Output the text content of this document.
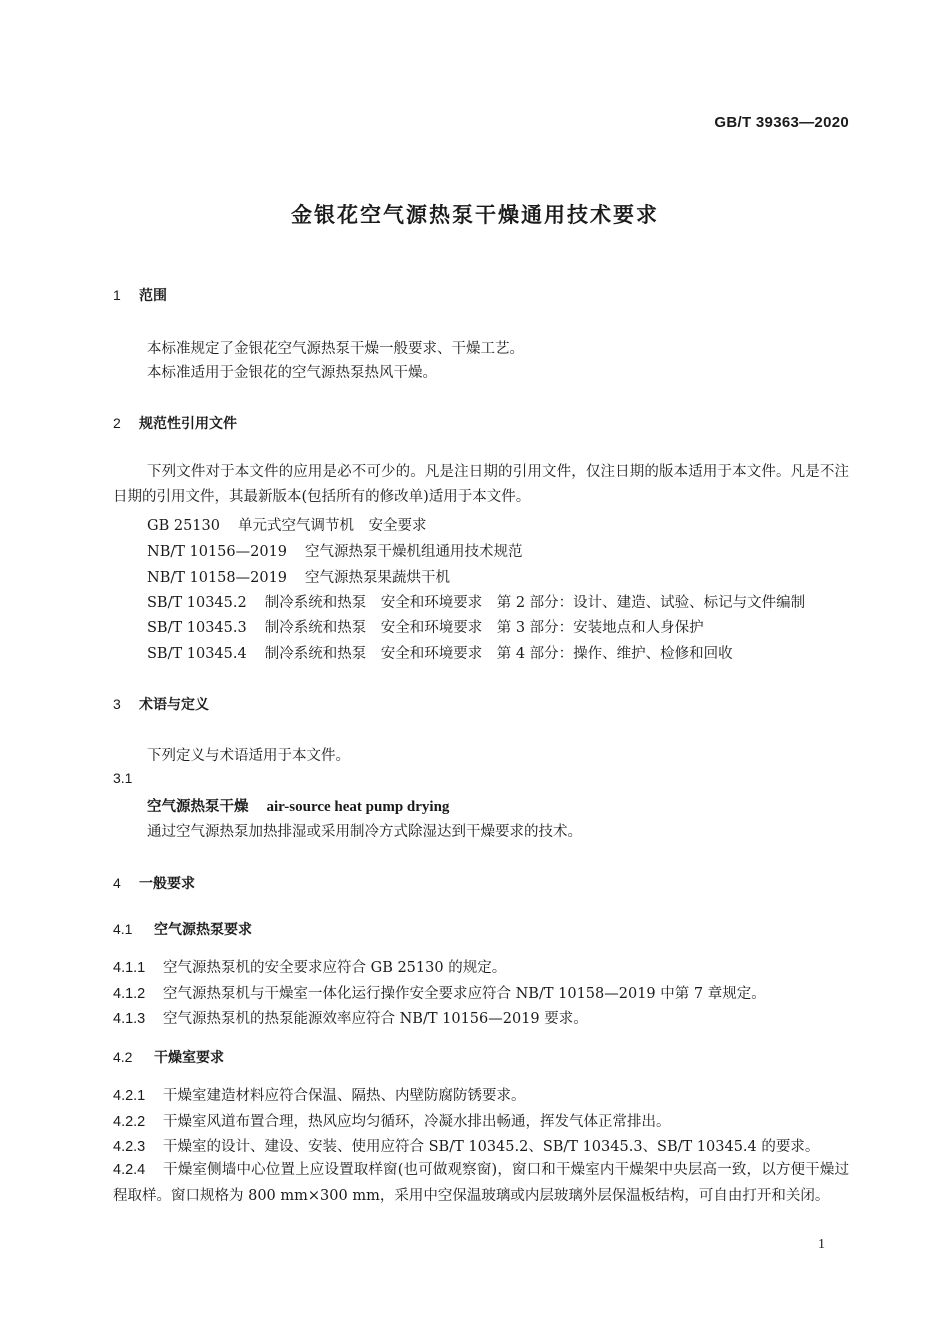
GB/T 39363—2020
金银花空气源热泵干燥通用技术要求
1 范围
本标准规定了金银花空气源热泵干燥一般要求、干燥工艺。
本标准适用于金银花的空气源热泵热风干燥。
2 规范性引用文件
下列文件对于本文件的应用是必不可少的。凡是注日期的引用文件，仅注日期的版本适用于本文件。凡是不注日期的引用文件，其最新版本(包括所有的修改单)适用于本文件。
GB 25130 单元式空气调节机　安全要求
NB/T 10156—2019 空气源热泵干燥机组通用技术规范
NB/T 10158—2019 空气源热泵果蔬烘干机
SB/T 10345.2 制冷系统和热泵　安全和环境要求　第 2 部分：设计、建造、试验、标记与文件编制
SB/T 10345.3 制冷系统和热泵　安全和环境要求　第 3 部分：安装地点和人身保护
SB/T 10345.4 制冷系统和热泵　安全和环境要求　第 4 部分：操作、维护、检修和回收
3 术语与定义
下列定义与术语适用于本文件。
3.1
空气源热泵干燥 air-source heat pump drying
通过空气源热泵加热排湿或采用制冷方式除湿达到干燥要求的技术。
4 一般要求
4.1 空气源热泵要求
4.1.1 空气源热泵机的安全要求应符合 GB 25130 的规定。
4.1.2 空气源热泵机与干燥室一体化运行操作安全要求应符合 NB/T 10158—2019 中第 7 章规定。
4.1.3 空气源热泵机的热泵能源效率应符合 NB/T 10156—2019 要求。
4.2 干燥室要求
4.2.1 干燥室建造材料应符合保温、隔热、内壁防腐防锈要求。
4.2.2 干燥室风道布置合理，热风应均匀循环，冷凝水排出畅通，挥发气体正常排出。
4.2.3 干燥室的设计、建设、安装、使用应符合 SB/T 10345.2、SB/T 10345.3、SB/T 10345.4 的要求。
4.2.4 干燥室侧墙中心位置上应设置取样窗(也可做观察窗)，窗口和干燥室内干燥架中央层高一致，以方便干燥过程取样。窗口规格为 800 mm×300 mm，采用中空保温玻璃或内层玻璃外层保温板结构，可自由打开和关闭。
1
